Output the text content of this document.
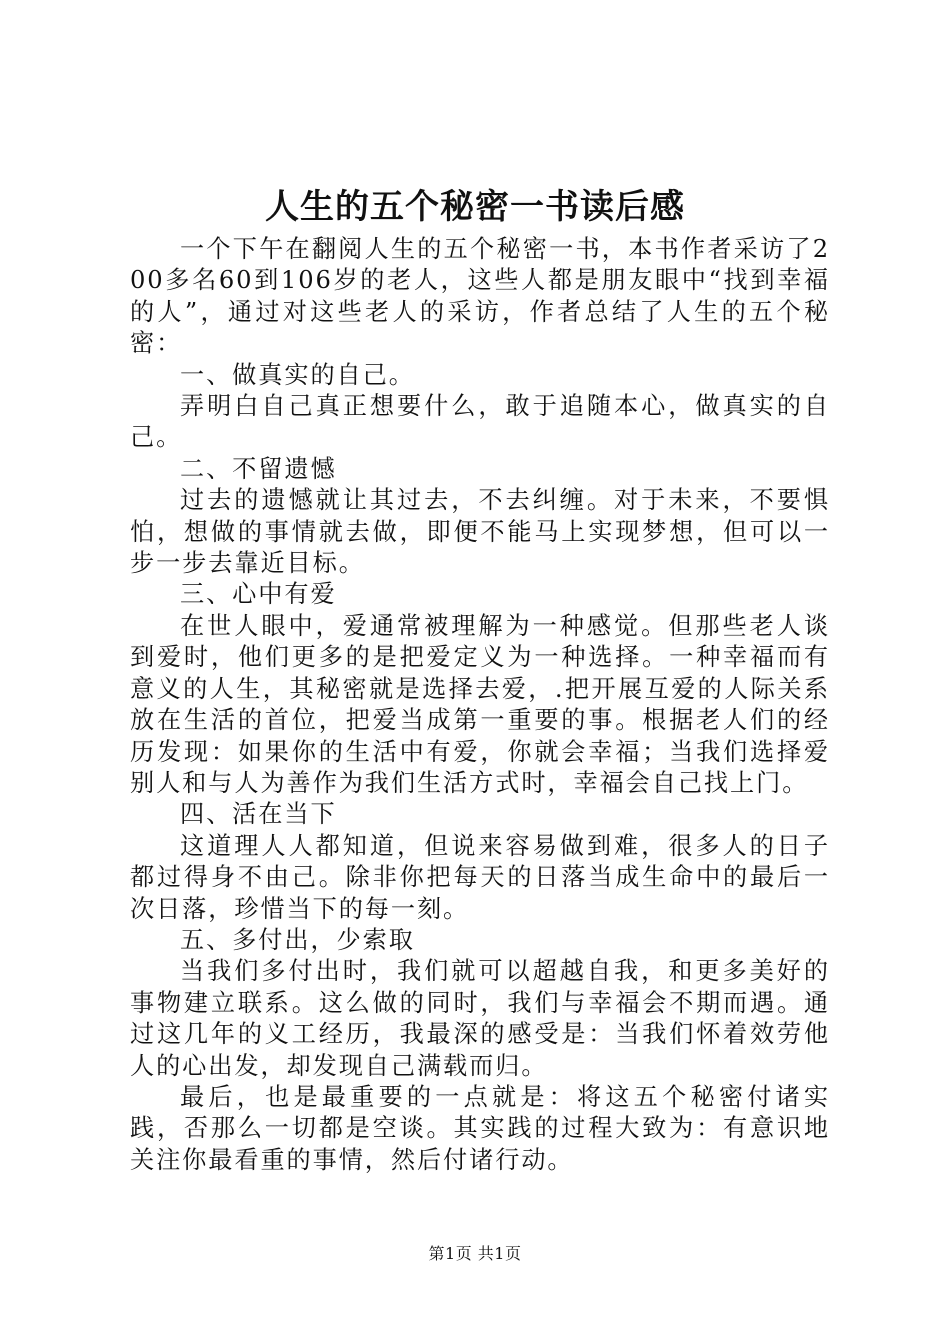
人生的五个秘密一书读后感

一个下午在翻阅人生的五个秘密一书，本书作者采访了200多名60到106岁的老人，这些人都是朋友眼中“找到幸福的人”，通过对这些老人的采访，作者总结了人生的五个秘密：

一、做真实的自己。

弄明白自己真正想要什么，敢于追随本心，做真实的自己。

二、不留遗憾

过去的遗憾就让其过去，不去纠缠。对于未来，不要惧怕，想做的事情就去做，即便不能马上实现梦想，但可以一步一步去靠近目标。

三、心中有爱

在世人眼中，爱通常被理解为一种感觉。但那些老人谈到爱时，他们更多的是把爱定义为一种选择。一种幸福而有意义的人生，其秘密就是选择去爱，.把开展互爱的人际关系放在生活的首位，把爱当成第一重要的事。根据老人们的经历发现：如果你的生活中有爱，你就会幸福；当我们选择爱别人和与人为善作为我们生活方式时，幸福会自己找上门。

四、活在当下

这道理人人都知道，但说来容易做到难，很多人的日子都过得身不由己。除非你把每天的日落当成生命中的最后一次日落，珍惜当下的每一刻。

五、多付出，少索取

当我们多付出时，我们就可以超越自我，和更多美好的事物建立联系。这么做的同时，我们与幸福会不期而遇。通过这几年的义工经历，我最深的感受是：当我们怀着效劳他人的心出发，却发现自己满载而归。

最后，也是最重要的一点就是：将这五个秘密付诸实践，否那么一切都是空谈。其实践的过程大致为：有意识地关注你最看重的事情，然后付诸行动。

第1页 共1页
